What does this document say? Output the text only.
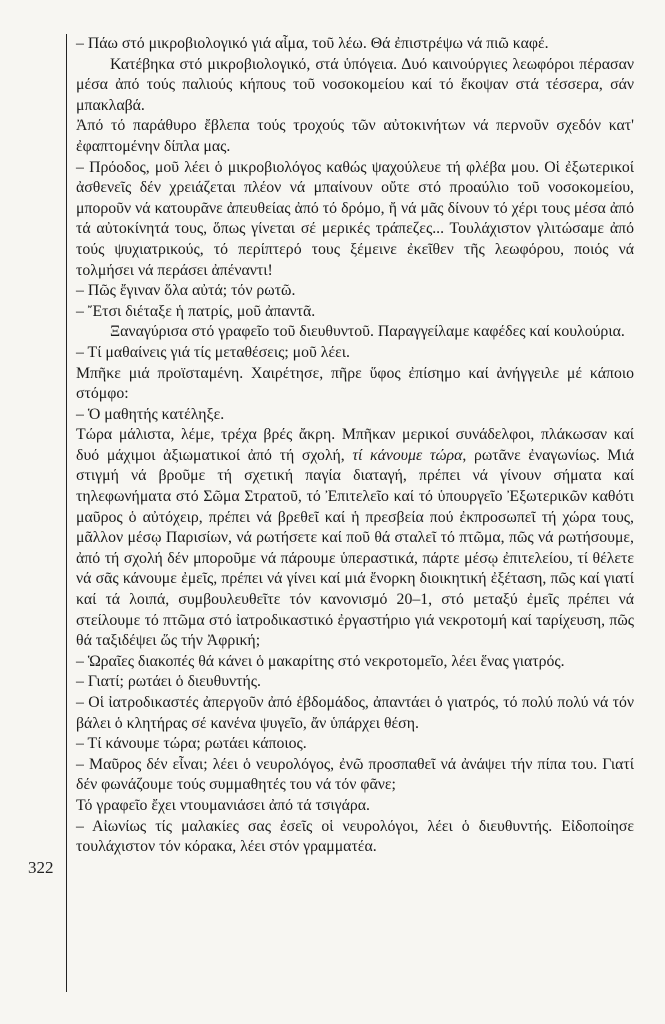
322

– Πάω στό μικροβιολογικό γιά αἷμα, τοῦ λέω. Θά ἐπιστρέψω νά πιῶ καφέ.

Κατέβηκα στό μικροβιολογικό, στά ὑπόγεια. Δυό καινούργιες λεωφόροι πέρασαν μέσα ἀπό τούς παλιούς κήπους τοῦ νοσοκομείου καί τό ἔκοψαν στά τέσσερα, σάν μπακλαβά.

Ἀπό τό παράθυρο ἔβλεπα τούς τροχούς τῶν αὐτοκινήτων νά περνοῦν σχεδόν κατ' ἐφαπτομένην δίπλα μας.

– Πρόοδος, μοῦ λέει ὁ μικροβιολόγος καθώς ψαχούλευε τή φλέβα μου. Οἱ ἐξωτερικοί ἀσθενεῖς δέν χρειάζεται πλέον νά μπαίνουν οὔτε στό προαύλιο τοῦ νοσοκομείου, μποροῦν νά κατουρᾶνε ἀπευθείας ἀπό τό δρόμο, ἤ νά μᾶς δίνουν τό χέρι τους μέσα ἀπό τά αὐτοκίνητά τους, ὅπως γίνεται σέ μερικές τράπεζες... Τουλάχιστον γλιτώσαμε ἀπό τούς ψυχιατρικούς, τό περίπτερό τους ξέμεινε ἐκεῖθεν τῆς λεωφόρου, ποιός νά τολμήσει νά περάσει ἀπέναντι!

– Πῶς ἔγιναν ὅλα αὐτά; τόν ρωτῶ.

– Ἔτσι διέταξε ἡ πατρίς, μοῦ ἀπαντᾶ.

Ξαναγύρισα στό γραφεῖο τοῦ διευθυντοῦ. Παραγγείλαμε καφέδες καί κουλούρια.

– Τί μαθαίνεις γιά τίς μεταθέσεις; μοῦ λέει.

Μπῆκε μιά προϊσταμένη. Χαιρέτησε, πῆρε ὕφος ἐπίσημο καί ἀνήγγειλε μέ κάποιο στόμφο:

– Ὁ μαθητής κατέληξε.

Τώρα μάλιστα, λέμε, τρέχα βρές ἄκρη. Μπῆκαν μερικοί συνάδελφοι, πλάκωσαν καί δυό μάχιμοι ἀξιωματικοί ἀπό τή σχολή, τί κάνουμε τώρα, ρωτᾶνε ἐναγωνίως. Μιά στιγμή νά βροῦμε τή σχετική παγία διαταγή, πρέπει νά γίνουν σήματα καί τηλεφωνήματα στό Σῶμα Στρατοῦ, τό Ἐπιτελεῖο καί τό ὑπουργεῖο Ἐξωτερικῶν καθότι μαῦρος ὁ αὐτόχειρ, πρέπει νά βρεθεῖ καί ἡ πρεσβεία πού ἐκπροσωπεῖ τή χώρα τους, μᾶλλον μέσῳ Παρισίων, νά ρωτήσετε καί ποῦ θά σταλεῖ τό πτῶμα, πῶς νά ρωτήσουμε, ἀπό τή σχολή δέν μποροῦμε νά πάρουμε ὑπεραστικά, πάρτε μέσῳ ἐπιτελείου, τί θέλετε νά σᾶς κάνουμε ἐμεῖς, πρέπει νά γίνει καί μιά ἔνορκη διοικητική ἐξέταση, πῶς καί γιατί καί τά λοιπά, συμβουλευθεῖτε τόν κανονισμό 20–1, στό μεταξύ ἐμεῖς πρέπει νά στείλουμε τό πτῶμα στό ἰατροδικαστικό ἐργαστήριο γιά νεκροτομή καί ταρίχευση, πῶς θά ταξιδέψει ὥς τήν Ἀφρική;

– Ὡραῖες διακοπές θά κάνει ὁ μακαρίτης στό νεκροτομεῖο, λέει ἕνας γιατρός.

– Γιατί; ρωτάει ὁ διευθυντής.

– Οἱ ἰατροδικαστές ἀπεργοῦν ἀπό ἑβδομάδος, ἀπαντάει ὁ γιατρός, τό πολύ πολύ νά τόν βάλει ὁ κλητήρας σέ κανένα ψυγεῖο, ἄν ὑπάρχει θέση.

– Τί κάνουμε τώρα; ρωτάει κάποιος.

– Μαῦρος δέν εἶναι; λέει ὁ νευρολόγος, ἐνῶ προσπαθεῖ νά ἀνάψει τήν πίπα του. Γιατί δέν φωνάζουμε τούς συμμαθητές του νά τόν φᾶνε;

Τό γραφεῖο ἔχει ντουμανιάσει ἀπό τά τσιγάρα.

– Αἰωνίως τίς μαλακίες σας ἐσεῖς οἱ νευρολόγοι, λέει ὁ διευθυντής. Εἰδοποίησε τουλάχιστον τόν κόρακα, λέει στόν γραμματέα.
